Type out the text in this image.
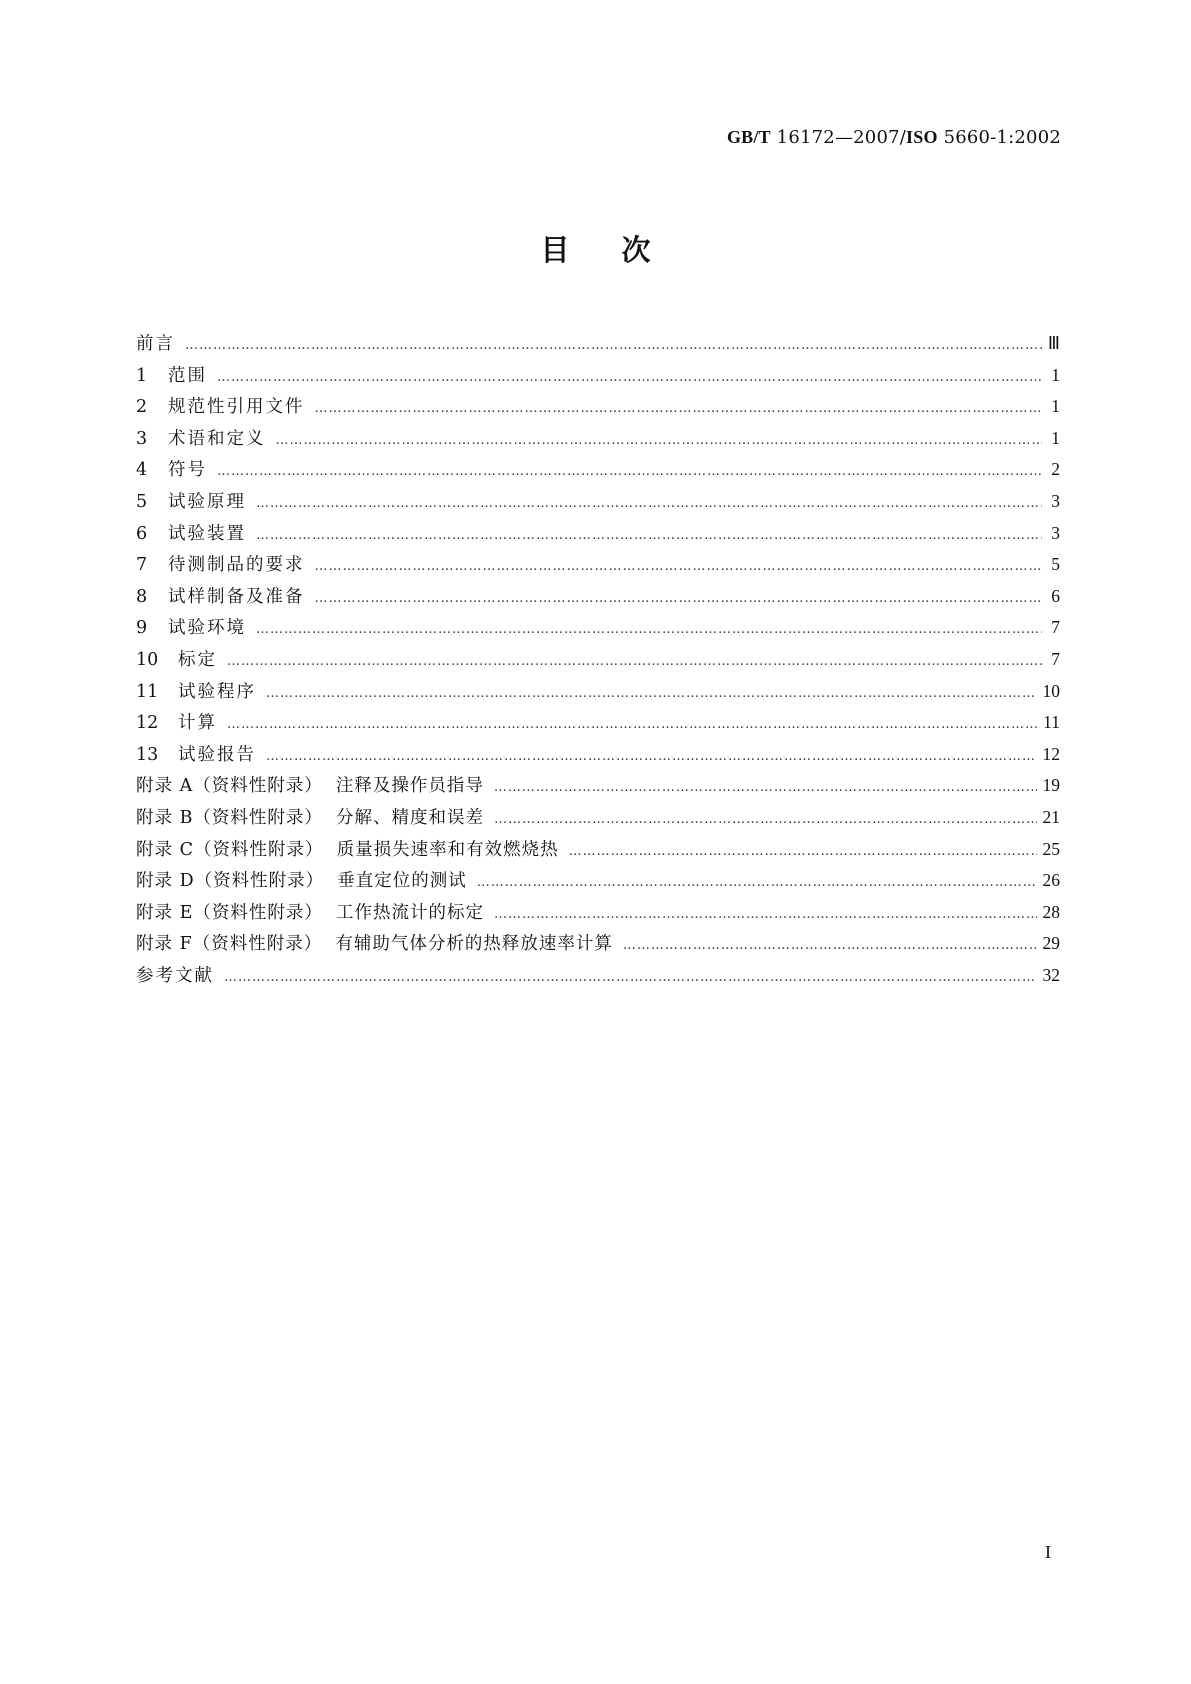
GB/T 16172—2007/ISO 5660-1:2002
目次
前言 ……………………………………………………………………………………………………………………………………………………………………………………………………………………………………………………………………………………	Ⅲ
1	范围 ……………………………………………………………………………………………………………………………………………………………………………………………………………………………………………………………………………………	1
2	规范性引用文件 ……………………………………………………………………………………………………………………………………………………………………………………………………………………………………………………………………………………	1
3	术语和定义 ……………………………………………………………………………………………………………………………………………………………………………………………………………………………………………………………………………………	1
4	符号 ……………………………………………………………………………………………………………………………………………………………………………………………………………………………………………………………………………………	2
5	试验原理 ……………………………………………………………………………………………………………………………………………………………………………………………………………………………………………………………………………………	3
6	试验装置 ……………………………………………………………………………………………………………………………………………………………………………………………………………………………………………………………………………………	3
7	待测制品的要求 ……………………………………………………………………………………………………………………………………………………………………………………………………………………………………………………………………………………	5
8	试样制备及准备 ……………………………………………………………………………………………………………………………………………………………………………………………………………………………………………………………………………………	6
9	试验环境 ……………………………………………………………………………………………………………………………………………………………………………………………………………………………………………………………………………………	7
10	标定 ……………………………………………………………………………………………………………………………………………………………………………………………………………………………………………………………………………………	7
11	试验程序 ……………………………………………………………………………………………………………………………………………………………………………………………………………………………………………………………………………………	10
12	计算 ……………………………………………………………………………………………………………………………………………………………………………………………………………………………………………………………………………………	11
13	试验报告 ……………………………………………………………………………………………………………………………………………………………………………………………………………………………………………………………………………………	12
附录 A（资料性附录）  注释及操作员指导 ……………………………………………………………………………………………………………………………………………………………………………………………………………………………………………………………………………………	19
附录 B（资料性附录）  分解、精度和误差 ……………………………………………………………………………………………………………………………………………………………………………………………………………………………………………………………………………………	21
附录 C（资料性附录）  质量损失速率和有效燃烧热 ……………………………………………………………………………………………………………………………………………………………………………………………………………………………………………………………………………………	25
附录 D（资料性附录）  垂直定位的测试 ……………………………………………………………………………………………………………………………………………………………………………………………………………………………………………………………………………………	26
附录 E（资料性附录）  工作热流计的标定 ……………………………………………………………………………………………………………………………………………………………………………………………………………………………………………………………………………………	28
附录 F（资料性附录）  有辅助气体分析的热释放速率计算 ……………………………………………………………………………………………………………………………………………………………………………………………………………………………………………………………………………………	29
参考文献 ……………………………………………………………………………………………………………………………………………………………………………………………………………………………………………………………………………………	32
I
